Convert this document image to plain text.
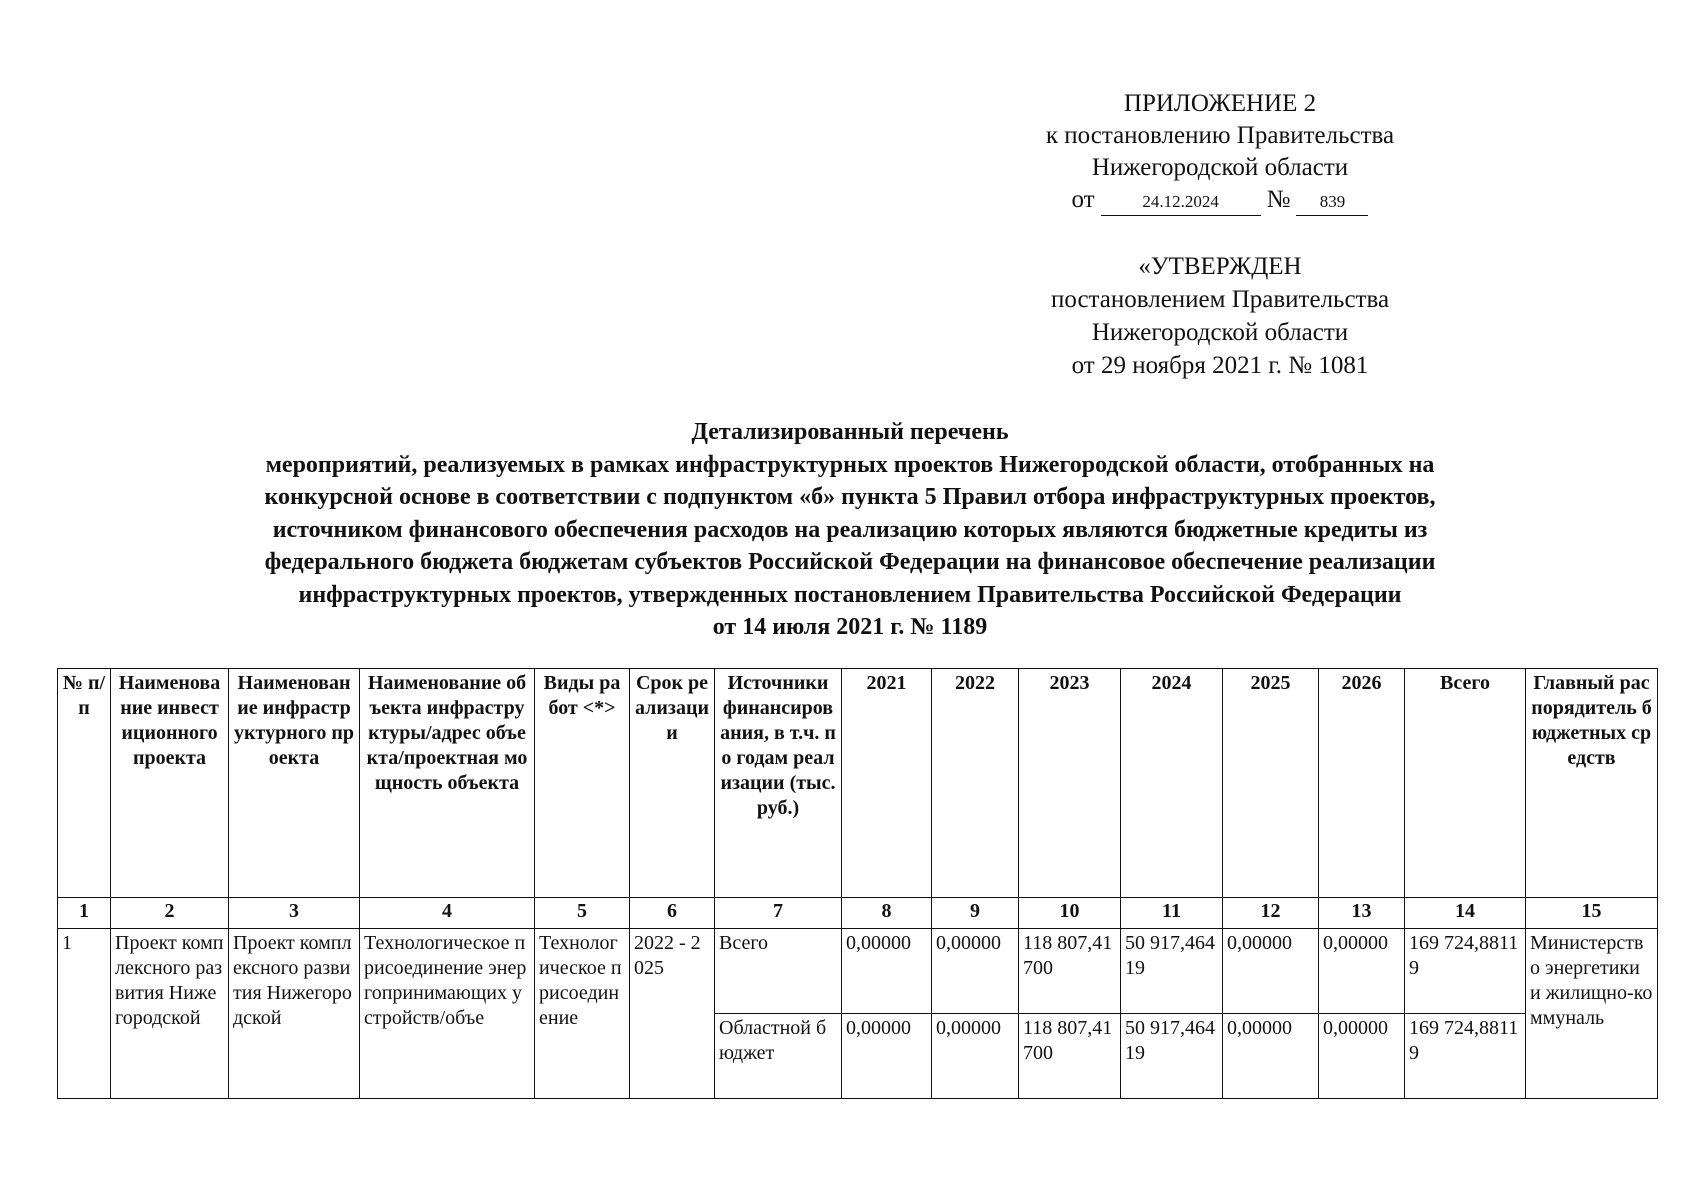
ПРИЛОЖЕНИЕ 2
к постановлению Правительства
Нижегородской области
от	24.12.2024	№	839
«УТВЕРЖДЕН
постановлением Правительства
Нижегородской области
от 29 ноября 2021 г. № 1081
Детализированный перечень
мероприятий, реализуемых в рамках инфраструктурных проектов Нижегородской области, отобранных на
конкурсной основе в соответствии с подпунктом «б» пункта 5 Правил отбора инфраструктурных проектов,
источником финансового обеспечения расходов на реализацию которых являются бюджетные кредиты из
федерального бюджета бюджетам субъектов Российской Федерации на финансовое обеспечение реализации
инфраструктурных проектов, утвержденных постановлением Правительства Российской Федерации
от 14 июля 2021 г. № 1189
№ п/ п	Наименование инвестиционного проекта	Наименование инфраструктурного проекта	Наименование объекта инфраструктуры/адрес объекта/проектная мощность объекта	Виды работ <*>	Срок реализации	Источники финансирования, в т.ч. по годам реализации (тыс. руб.)	2021	2022	2023	2024	2025	2026	Всего	Главный распорядитель бюджетных средств
1	2	3	4	5	6	7	8	9	10	11	12	13	14	15
1	Проект комплексного развития Нижегородской	Проект комплексного развития Нижегородской	Технологическое присоединение энергопринимающих устройств/объе	Технологическое присоединение	2022 - 2025	Всего	0,00000	0,00000	118 807,41700	50 917,46419	0,00000	0,00000	169 724,88119	Министерство энергетики и жилищно-коммуналь
						Областной бюджет	0,00000	0,00000	118 807,41700	50 917,46419	0,00000	0,00000	169 724,88119	
